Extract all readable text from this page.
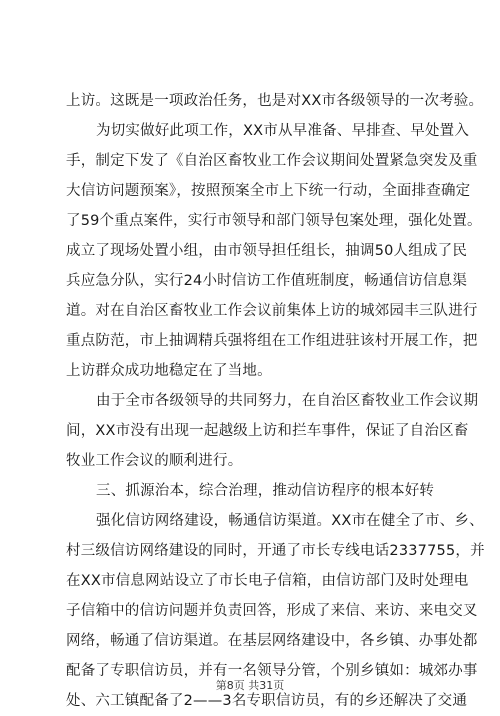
上访。这既是一项政治任务，也是对XX市各级领导的一次考验。
为切实做好此项工作，XX市从早准备、早排查、早处置入
手，制定下发了《自治区畜牧业工作会议期间处置紧急突发及重
大信访问题预案》，按照预案全市上下统一行动，全面排查确定
了59个重点案件，实行市领导和部门领导包案处理，强化处置。
成立了现场处置小组，由市领导担任组长，抽调50人组成了民
兵应急分队，实行24小时信访工作值班制度，畅通信访信息渠
道。对在自治区畜牧业工作会议前集体上访的城郊园丰三队进行
重点防范，市上抽调精兵强将组在工作组进驻该村开展工作，把
上访群众成功地稳定在了当地。
由于全市各级领导的共同努力，在自治区畜牧业工作会议期
间，XX市没有出现一起越级上访和拦车事件，保证了自治区畜
牧业工作会议的顺利进行。
三、抓源治本，综合治理，推动信访程序的根本好转
强化信访网络建设，畅通信访渠道。XX市在健全了市、乡、
村三级信访网络建设的同时，开通了市长专线电话2337755，并
在XX市信息网站设立了市长电子信箱，由信访部门及时处理电
子信箱中的信访问题并负责回答，形成了来信、来访、来电交叉
网络，畅通了信访渠道。在基层网络建设中，各乡镇、办事处都
配备了专职信访员，并有一名领导分管，个别乡镇如：城郊办事
处、六工镇配备了2——3名专职信访员，有的乡还解决了交通
第8页 共31页
